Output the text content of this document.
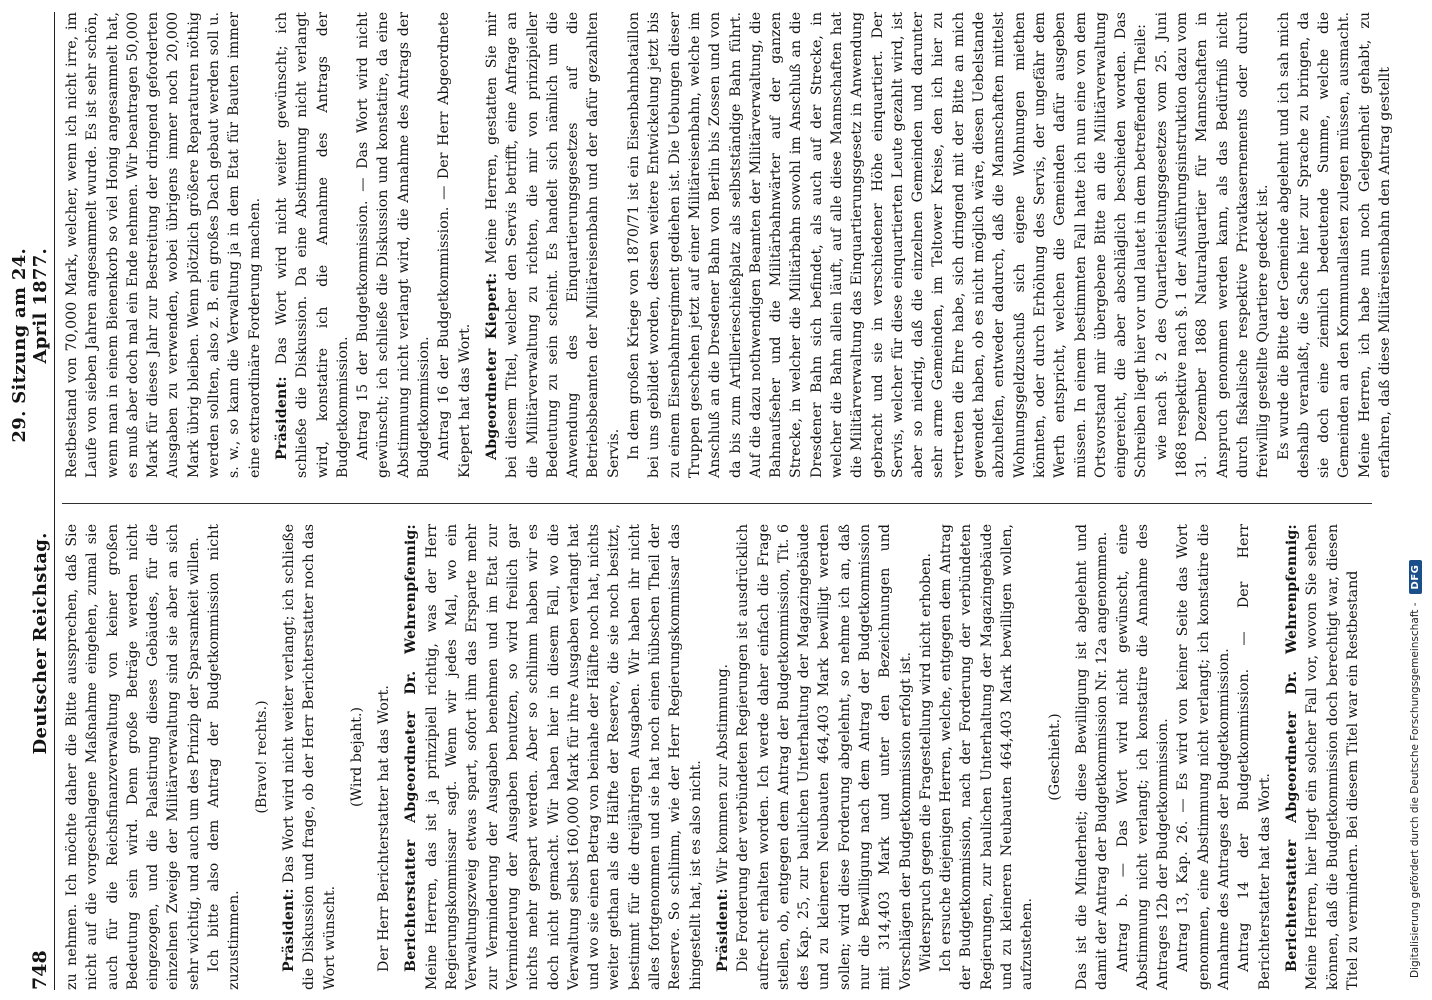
748
Deutscher Reichstag. 29. Sitzung am 24. April 1877.

zu nehmen. Ich möchte daher die Bitte aussprechen, daß Sie nicht auf die vorgeschlagene Maßnahme eingehen, zumal sie auch für die Reichsfinanzverwaltung von keiner großen Bedeutung sein wird. Denn große Beträge werden nicht eingezogen, und die Palastirung dieses Gebäudes, für die einzelnen Zweige der Militärverwaltung sind sie aber an sich sehr wichtig, und auch um des Prinzip der Sparsamkeit willen. Ich bitte also dem Antrag der Budgetkommission nicht zuzustimmen.

(Bravo! rechts.)

Präsident: Das Wort wird nicht weiter verlangt; ich schließe die Diskussion und frage, ob der Herr Berichterstatter noch das Wort wünscht.

(Wird bejaht.) Der Herr Berichterstatter hat das Wort. Berichterstatter Abgeordneter Dr. Wehrenpfennig: Meine Herren, das ist ja prinzipiell richtig, was der Herr Regierungskommissar sagt. Wenn wir jedes Mal, wo ein Verwaltungszweig etwas spart, sofort ihm das Ersparte mehr zur Verminderung der Ausgaben benehmen und im Etat zur Verminderung der Ausgaben benutzen, so wird freilich gar nichts mehr gespart werden. Aber so schlimm haben wir es doch nicht gemacht. Wir haben hier in diesem Fall, wo die Verwaltung selbst 160,000 Mark für ihre Ausgaben verlangt hat und wo sie einen Betrag von beinahe der Hälfte noch hat, nichts weiter gethan als die Hälfte der Reserve, die sie noch besitzt, bestimmt für die dreijährigen Ausgaben. Wir haben ihr nicht alles fortgenommen und sie hat noch einen hübschen Theil der Reserve. So schlimm, wie der Herr Regierungskommissar das hingestellt hat, ist es also nicht. Präsident: Wir kommen zur Abstimmung. Die Forderung der verbündeten Regierungen ist ausdrücklich aufrecht erhalten worden. Ich werde daher einfach die Frage stellen, ob, entgegen dem Antrag der Budgetkommission, Tit. 6 des Kap. 25, zur baulichen Unterhaltung der Magazingebäude und zu kleineren Neubauten 464,403 Mark bewilligt werden sollen; wird diese Forderung abgelehnt, so nehme ich an, daß nur die Bewilligung nach dem Antrag der Budgetkommission mit 314,403 Mark und unter den Bezeichnungen und Vorschlägen der Budgetkommission erfolgt ist. Widerspruch gegen die Fragestellung wird nicht erhoben. Ich ersuche diejenigen Herren, welche, entgegen dem Antrag der Budgetkommission, nach der Forderung der verbündeten Regierungen, zur baulichen Unterhaltung der Magazingebäude und zu kleineren Neubauten 464,403 Mark bewilligen wollen, aufzustehen.

(Geschieht.) Das ist die Minderheit; diese Bewilligung ist abgelehnt und damit der Antrag der Budgetkommission Nr. 12a angenommen. Antrag b. — Das Wort wird nicht gewünscht, eine Abstimmung nicht verlangt; ich konstatire die Annahme des Antrages 12b der Budgetkommission. Antrag 13, Kap. 26. — Es wird von keiner Seite das Wort genommen, eine Abstimmung nicht verlangt; ich konstatire die Annahme des Antrages der Budgetkommission. Antrag 14 der Budgetkommission. — Der Herr Berichterstatter hat das Wort. Berichterstatter Abgeordneter Dr. Wehrenpfennig: Meine Herren, hier liegt ein solcher Fall vor, wovon Sie sehen können, daß die Budgetkommission doch berechtigt war, diesen Titel zu vermindern. Bei diesem Titel war ein Restbestand

Restbestand von 70,000 Mark, welcher, wenn ich nicht irre, im Laufe von sieben Jahren angesammelt wurde. Es ist sehr schön, wenn man in einem Bienenkorb so viel Honig angesammelt hat, es muß aber doch mal ein Ende nehmen. Wir beantragen 50,000 Mark für dieses Jahr zur Bestreitung der dringend geforderten Ausgaben zu verwenden, wobei übrigens immer noch 20,000 Mark übrig bleiben. Wenn plötzlich größere Reparaturen nöthig werden sollten, also z. B. ein großes Dach gebaut werden soll u. s. w., so kann die Verwaltung ja in dem Etat für Bauten immer eine extraordinäre Forderung machen. Präsident: Das Wort wird nicht weiter gewünscht; ich schließe die Diskussion. Da eine Abstimmung nicht verlangt wird, konstatire ich die Annahme des Antrags der Budgetkommission. Antrag 15 der Budgetkommission. — Das Wort wird nicht gewünscht; ich schließe die Diskussion und konstatire, da eine Abstimmung nicht verlangt wird, die Annahme des Antrags der Budgetkommission. Antrag 16 der Budgetkommission. — Der Herr Abgeordnete Kiepert hat das Wort. Abgeordneter Kiepert: Meine Herren, gestatten Sie mir bei diesem Titel, welcher den Servis betrifft, eine Anfrage an die Militärverwaltung zu richten, die mir von prinzipieller Bedeutung zu sein scheint. Es handelt sich nämlich um die Anwendung des Einquartierungsgesetzes auf die Betriebsbeamten der Militäreisenbahn und der dafür gezahlten Servis. In dem großen Kriege von 1870/71 ist ein Eisenbahnbataillon bei uns gebildet worden, dessen weitere Entwickelung jetzt bis zu einem Eisenbahnregiment gediehen ist. Die Uebungen dieser Truppen geschehen jetzt auf einer Militäreisenbahn, welche im Anschluß an die Dresdener Bahn von Berlin bis Zossen und von da bis zum Artillerieschießplatz als selbstständige Bahn führt. Auf die dazu nothwendigen Beamten der Militärverwaltung, die Bahnaufseher und die Militärbahnwärter auf der ganzen Strecke, in welcher die Militärbahn sowohl im Anschluß an die Dresdener Bahn sich befindet, als auch auf der Strecke, in welcher die Bahn allein läuft, auf alle diese Mannschaften hat die Militärverwaltung das Einquartierungsgesetz in Anwendung gebracht und sie in verschiedener Höhe einquartiert. Der Servis, welcher für diese einquartierten Leute gezahlt wird, ist aber so niedrig, daß die einzelnen Gemeinden und darunter sehr arme Gemeinden, im Teltower Kreise, den ich hier zu vertreten die Ehre habe, sich dringend mit der Bitte an mich gewendet haben, ob es nicht möglich wäre, diesen Uebelstande abzuhelfen, entweder dadurch, daß die Mannschaften mittelst Wohnungsgeldzuschuß sich eigene Wohnungen miethen könnten, oder durch Erhöhung des Servis, der ungefähr dem Werth entspricht, welchen die Gemeinden dafür ausgeben müssen. In einem bestimmten Fall hatte ich nun eine von dem Ortsvorstand mir übergebene Bitte an die Militärverwaltung eingereicht, die aber abschläglich beschieden worden. Das Schreiben liegt hier vor und lautet in dem betreffenden Theile: wie nach §. 2 des Quartierleistungsgesetzes vom 25. Juni 1868 respektive nach §. 1 der Ausführungsinstruktion dazu vom 31. Dezember 1868 Naturalquartier für Mannschaften in Anspruch genommen werden kann, als das Bedürfniß nicht durch fiskalische respektive Privatkasernements oder durch freiwillig gestellte Quartiere gedeckt ist. Es wurde die Bitte der Gemeinde abgelehnt und ich sah mich deshalb veranlaßt, die Sache hier zur Sprache zu bringen, da sie doch eine ziemlich bedeutende Summe, welche die Gemeinden an den Kommunallasten zulegen müssen, ausmacht. Meine Herren, ich habe nun noch Gelegenheit gehabt, zu erfahren, daß diese Militäreisenbahn den Antrag gestellt

Digitalisierung gefördert durch die Deutsche Forschungsgemeinschaft -
DFG
